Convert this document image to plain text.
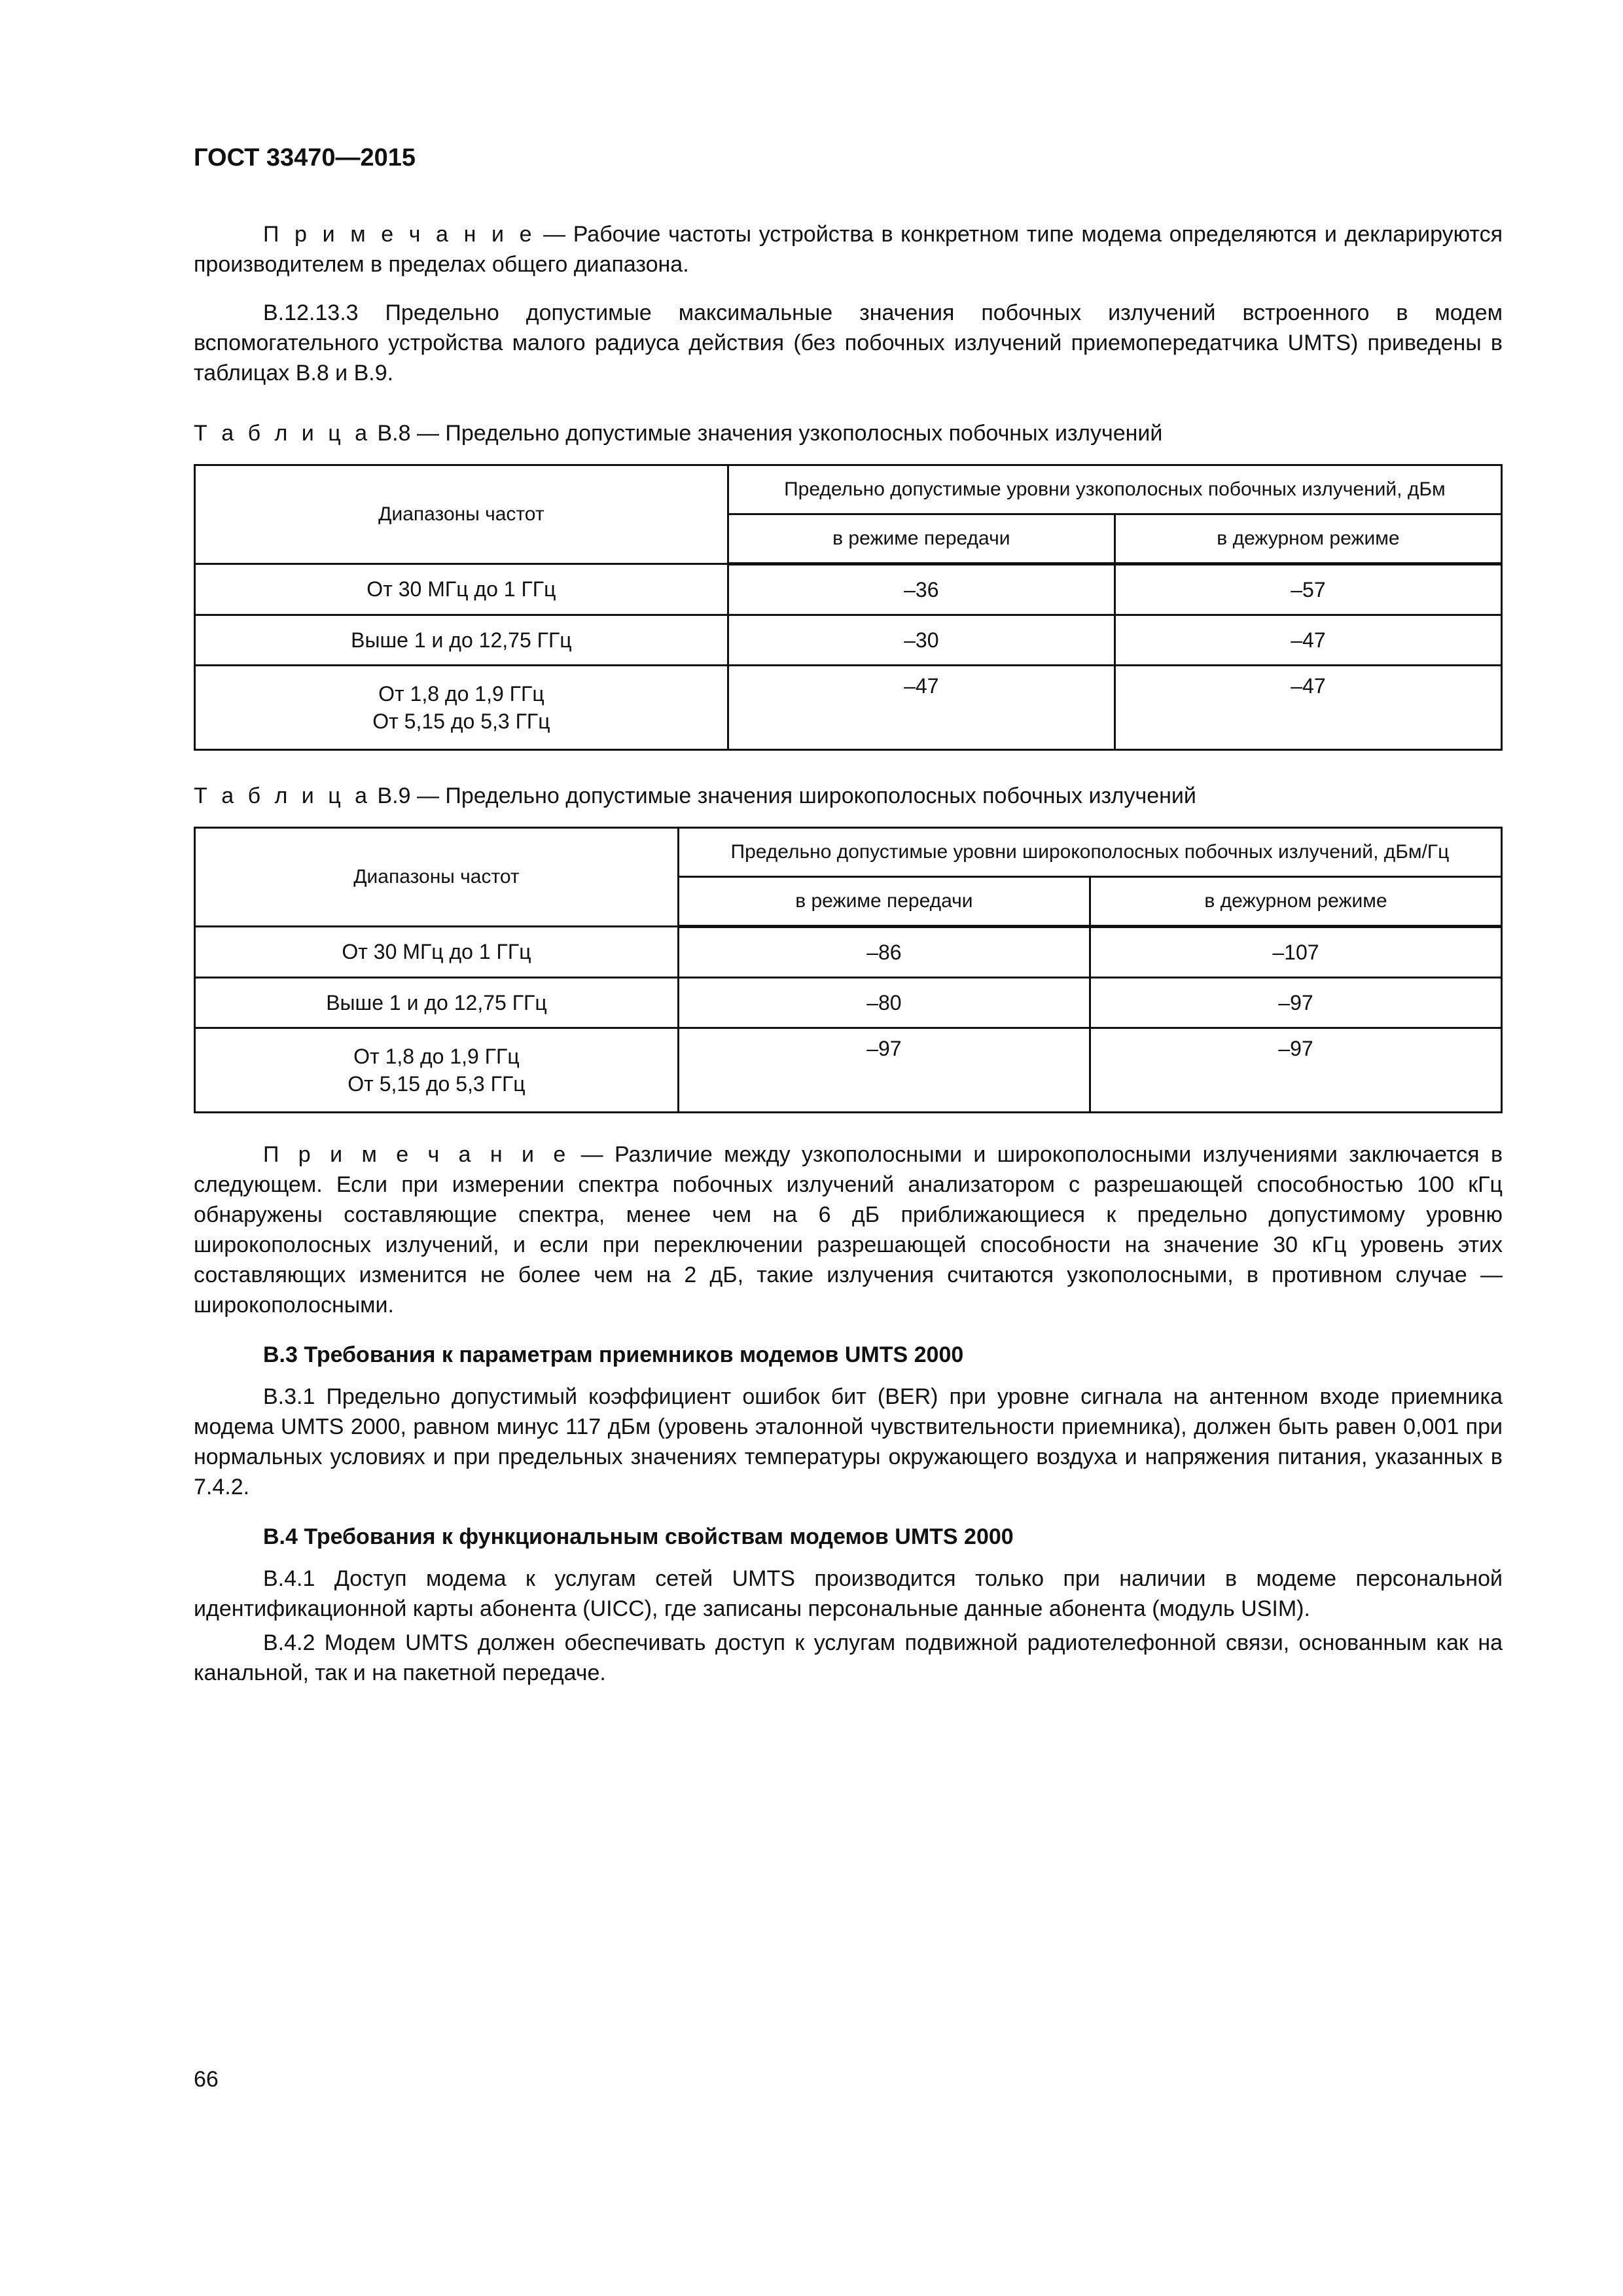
ГОСТ 33470—2015

П р и м е ч а н и е — Рабочие частоты устройства в конкретном типе модема определяются и декларируются производителем в пределах общего диапазона.

В.12.13.3 Предельно допустимые максимальные значения побочных излучений встроенного в модем вспомогательного устройства малого радиуса действия (без побочных излучений приемопередатчика UMTS) приведены в таблицах В.8 и В.9.

Т а б л и ц а В.8 — Предельно допустимые значения узкополосных побочных излучений
Диапазоны частот	Предельно допустимые уровни узкополосных побочных излучений, дБм	
	в режиме передачи	в дежурном режиме
От 30 МГц до 1 ГГц	–36	–57
Выше 1 и до 12,75 ГГц	–30	–47

От 1,8 до 1,9 ГГц
От 5,15 до 5,3 ГГц	–47	–47
Т а б л и ц а В.9 — Предельно допустимые значения широкополосных побочных излучений
Диапазоны частот	Предельно допустимые уровни широкополосных побочных излучений, дБм/Гц	
	в режиме передачи	в дежурном режиме
От 30 МГц до 1 ГГц	–86	–107
Выше 1 и до 12,75 ГГц	–80	–97

От 1,8 до 1,9 ГГц
От 5,15 до 5,3 ГГц	–97	–97

П р и м е ч а н и е — Различие между узкополосными и широкополосными излучениями заключается в следующем. Если при измерении спектра побочных излучений анализатором с разрешающей способностью 100 кГц обнаружены составляющие спектра, менее чем на 6 дБ приближающиеся к предельно допустимому уровню широкополосных излучений, и если при переключении разрешающей способности на значение 30 кГц уровень этих составляющих изменится не более чем на 2 дБ, такие излучения считаются узкополосными, в противном случае — широкополосными.

В.3 Требования к параметрам приемников модемов UMTS 2000

В.3.1 Предельно допустимый коэффициент ошибок бит (BER) при уровне сигнала на антенном входе приемника модема UMTS 2000, равном минус 117 дБм (уровень эталонной чувствительности приемника), должен быть равен 0,001 при нормальных условиях и при предельных значениях температуры окружающего воздуха и напряжения питания, указанных в 7.4.2.

В.4 Требования к функциональным свойствам модемов UMTS 2000

В.4.1 Доступ модема к услугам сетей UMTS производится только при наличии в модеме персональной идентификационной карты абонента (UICC), где записаны персональные данные абонента (модуль USIM).

В.4.2 Модем UMTS должен обеспечивать доступ к услугам подвижной радиотелефонной связи, основанным как на канальной, так и на пакетной передаче.

66
